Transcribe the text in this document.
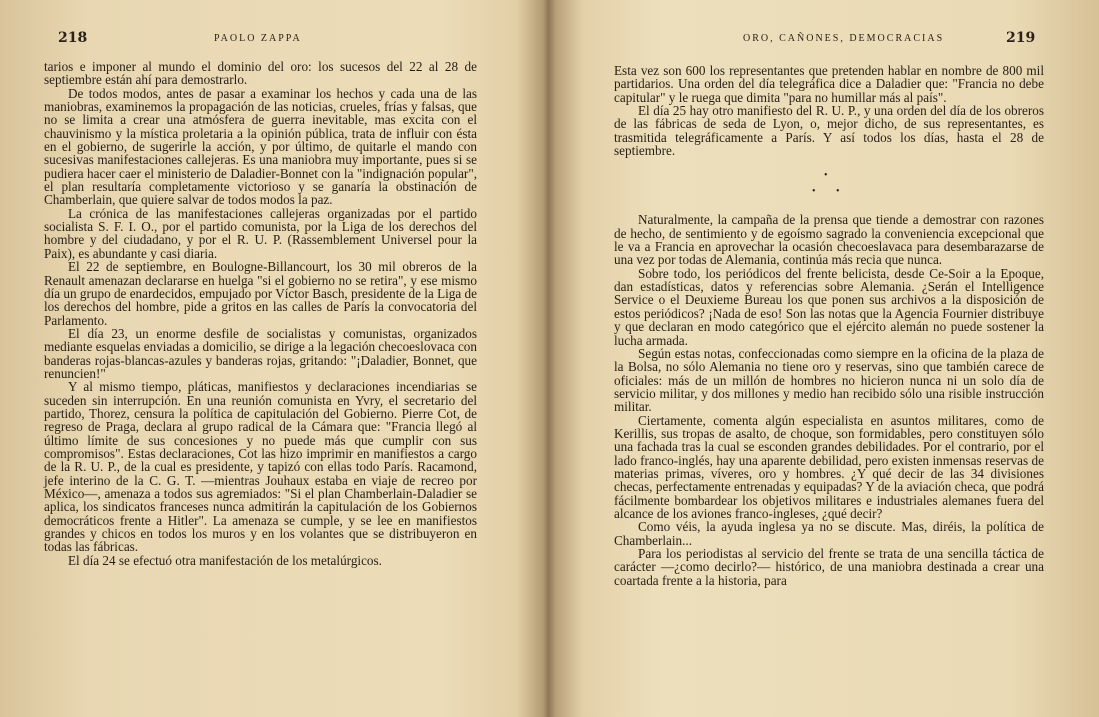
218	PAOLO ZAPPA

tarios e imponer al mundo el dominio del oro: los sucesos del 22 al 28 de septiembre están ahí para demostrarlo.

De todos modos, antes de pasar a examinar los hechos y cada una de las maniobras, examinemos la propagación de las noticias, crueles, frías y falsas, que no se limita a crear una atmósfera de guerra inevitable, mas excita con el chauvinismo y la mística proletaria a la opinión pública, trata de influir con ésta en el gobierno, de sugerirle la acción, y por último, de quitarle el mando con sucesivas manifestaciones callejeras. Es una maniobra muy importante, pues si se pudiera hacer caer el ministerio de Daladier-Bonnet con la "indignación popular", el plan resultaría completamente victorioso y se ganaría la obstinación de Chamberlain, que quiere salvar de todos modos la paz.

La crónica de las manifestaciones callejeras organizadas por el partido socialista S. F. I. O., por el partido comunista, por la Liga de los derechos del hombre y del ciudadano, y por el R. U. P. (Rassemblement Universel pour la Paix), es abundante y casi diaria.

El 22 de septiembre, en Boulogne-Billancourt, los 30 mil obreros de la Renault amenazan declararse en huelga "si el gobierno no se retira", y ese mismo día un grupo de enardecidos, empujado por Víctor Basch, presidente de la Liga de los derechos del hombre, pide a gritos en las calles de París la convocatoria del Parlamento.

El día 23, un enorme desfile de socialistas y comunistas, organizados mediante esquelas enviadas a domicilio, se dirige a la legación checoeslovaca con banderas rojas-blancas-azules y banderas rojas, gritando: "¡Daladier, Bonnet, que renuncien!"

Y al mismo tiempo, pláticas, manifiestos y declaraciones incendiarias se suceden sin interrupción. En una reunión comunista en Yvry, el secretario del partido, Thorez, censura la política de capitulación del Gobierno. Pierre Cot, de regreso de Praga, declara al grupo radical de la Cámara que: "Francia llegó al último límite de sus concesiones y no puede más que cumplir con sus compromisos". Estas declaraciones, Cot las hizo imprimir en manifiestos a cargo de la R. U. P., de la cual es presidente, y tapizó con ellas todo París. Racamond, jefe interino de la C. G. T. —mientras Jouhaux estaba en viaje de recreo por México—, amenaza a todos sus agremiados: "Si el plan Chamberlain-Daladier se aplica, los sindicatos franceses nunca admitirán la capitulación de los Gobiernos democráticos frente a Hitler". La amenaza se cumple, y se lee en manifiestos grandes y chicos en todos los muros y en los volantes que se distribuyeron en todas las fábricas.

El día 24 se efectuó otra manifestación de los metalúrgicos.

ORO, CAÑONES, DEMOCRACIAS	219

Esta vez son 600 los representantes que pretenden hablar en nombre de 800 mil partidarios. Una orden del día telegráfica dice a Daladier que: "Francia no debe capitular" y le ruega que dimita "para no humillar más al país".

El día 25 hay otro manifiesto del R. U. P., y una orden del día de los obreros de las fábricas de seda de Lyon, o, mejor dicho, de sus representantes, es trasmitida telegráficamente a París. Y así todos los días, hasta el 28 de septiembre.

•
• •

Naturalmente, la campaña de la prensa que tiende a demostrar con razones de hecho, de sentimiento y de egoísmo sagrado la conveniencia excepcional que le va a Francia en aprovechar la ocasión checoeslavaca para desembarazarse de una vez por todas de Alemania, continúa más recia que nunca.

Sobre todo, los periódicos del frente belicista, desde Ce-Soir a la Epoque, dan estadísticas, datos y referencias sobre Alemania. ¿Serán el Intelligence Service o el Deuxieme Bureau los que ponen sus archivos a la disposición de estos periódicos? ¡Nada de eso! Son las notas que la Agencia Fournier distribuye y que declaran en modo categórico que el ejército alemán no puede sostener la lucha armada.

Según estas notas, confeccionadas como siempre en la oficina de la plaza de la Bolsa, no sólo Alemania no tiene oro y reservas, sino que también carece de oficiales: más de un millón de hombres no hicieron nunca ni un solo día de servicio militar, y dos millones y medio han recibido sólo una risible instrucción militar.

Ciertamente, comenta algún especialista en asuntos militares, como de Kerillis, sus tropas de asalto, de choque, son formidables, pero constituyen sólo una fachada tras la cual se esconden grandes debilidades. Por el contrario, por el lado franco-inglés, hay una aparente debilidad, pero existen inmensas reservas de materias primas, víveres, oro y hombres. ¿Y qué decir de las 34 divisiones checas, perfectamente entrenadas y equipadas? Y de la aviación checa, que podrá fácilmente bombardear los objetivos militares e industriales alemanes fuera del alcance de los aviones franco-ingleses, ¿qué decir?

Como véis, la ayuda inglesa ya no se discute. Mas, diréis, la política de Chamberlain...

Para los periodistas al servicio del frente se trata de una sencilla táctica de carácter —¿como decirlo?— histórico, de una maniobra destinada a crear una coartada frente a la historia, para
